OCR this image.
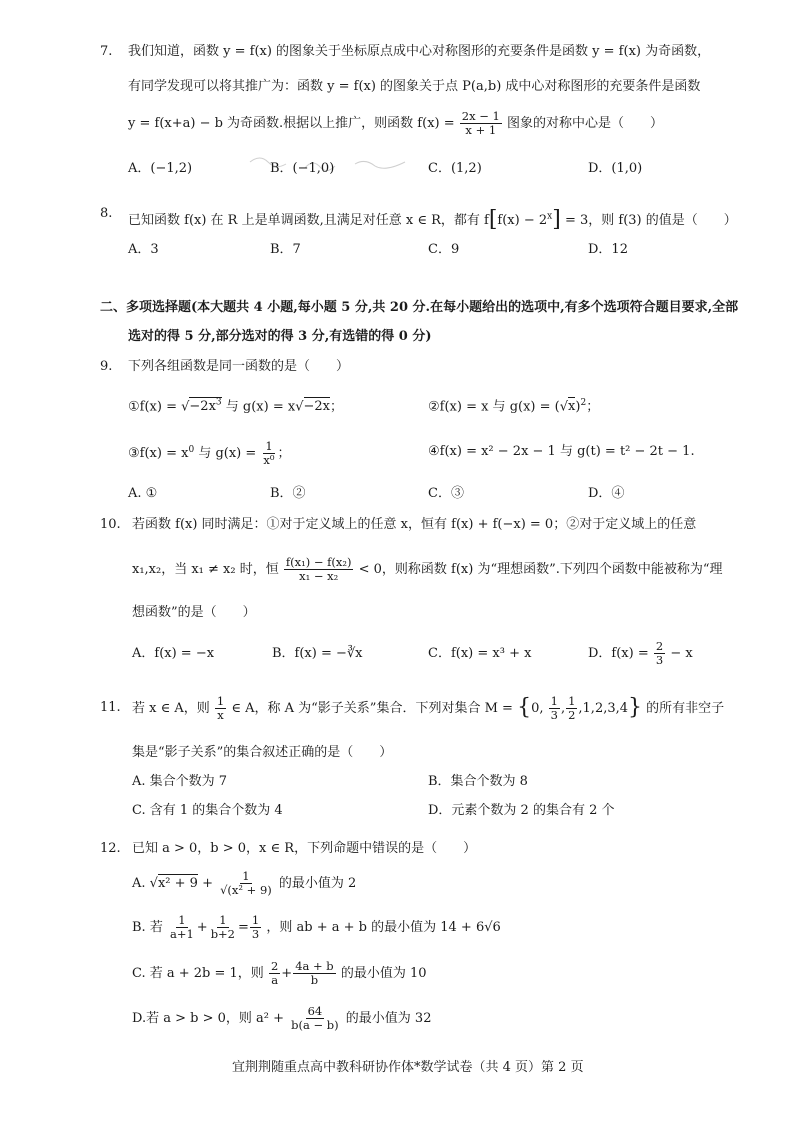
7. 我们知道，函数 y = f(x) 的图象关于坐标原点成中心对称图形的充要条件是函数 y = f(x) 为奇函数，
有同学发现可以将其推广为：函数 y = f(x) 的图象关于点 P(a,b) 成中心对称图形的充要条件是函数
y = f(x+a) − b 为奇函数.根据以上推广，则函数 $f(x) = \frac{2x - 1}{x + 1}$ 图象的对称中心是（　　）
A．(−1,2)	B．(−1,0)	C．(1,2)	D．(1,0)
8. 已知函数 f(x) 在 R 上是单调函数,且满足对任意 x ∈ R，都有 $f[f(x) - 2^x] = 3$，则 f(3) 的值是（　　）
A．3	B．7	C．9	D．12
二、多项选择题(本大题共 4 小题,每小题 5 分,共 20 分.在每小题给出的选项中,有多个选项符合题目要求,全部
选对的得 5 分,部分选对的得 3 分,有选错的得 0 分)
9. 下列各组函数是同一函数的是（　　）
①f(x) = $√-2x^3$ 与 g(x) = x√−2x；	②f(x) = x 与 $g(x) = (√x)^2$；
③f(x) = $x^0$ 与 $g(x) = \frac{1}{\text{x⁰}}$ ；	④f(x) = x² − 2x − 1 与 g(t) = t² − 2t − 1.
A. ①	B．②	C．③	D．④
10. 若函数 f(x) 同时满足：①对于定义域上的任意 x，恒有 f(x) + f(−x) = 0；②对于定义域上的任意
x₁,x₂，当 x₁ ≠ x₂ 时，恒 $\frac{\text{f(x₁) − f(x₂)}}{\text{x₁ − x₂}} < 0$，则称函数 f(x) 为“理想函数”.下列四个函数中能被称为“理
想函数”的是（　　）
A．f(x) = −x	B．f(x) = −∛x	C．f(x) = x³ + x	D．$f(x) = \frac{2}{3} - x$
11. 若 x ∈ A，则 $\frac{1}{x}$ ∈ A，称 A 为“影子关系”集合．下列对集合 M = {0, $\frac{1}{3}$ , $\frac{1}{2} ,1,2,3,4$} 的所有非空子
集是“影子关系”的集合叙述正确的是（　　）
A. 集合个数为 7	B．集合个数为 8
C. 含有 1 的集合个数为 4	D．元素个数为 2 的集合有 2 个
12. 已知 a > 0，b > 0，x ∈ R，下列命题中错误的是（　　）
A. $√x^2 + 9 + \frac{1}{\text{√(x² + 9)}}$ 的最小值为 2
B. 若 $\frac{1}{a+1} + \frac{1}{b+2} = \frac{1}{3}$ ，则 ab + a + b 的最小值为 14 + 6√6
C. 若 a + 2b = 1，则 $\frac{2}{a} + \frac{4a + b}{b}$ 的最小值为 10
D.若 a > b > 0，则 $a^2 + \frac{64}{b(a - b)}$ 的最小值为 32
宜荆荆随重点高中教科研协作体*数学试卷（共 4 页）第 2 页
